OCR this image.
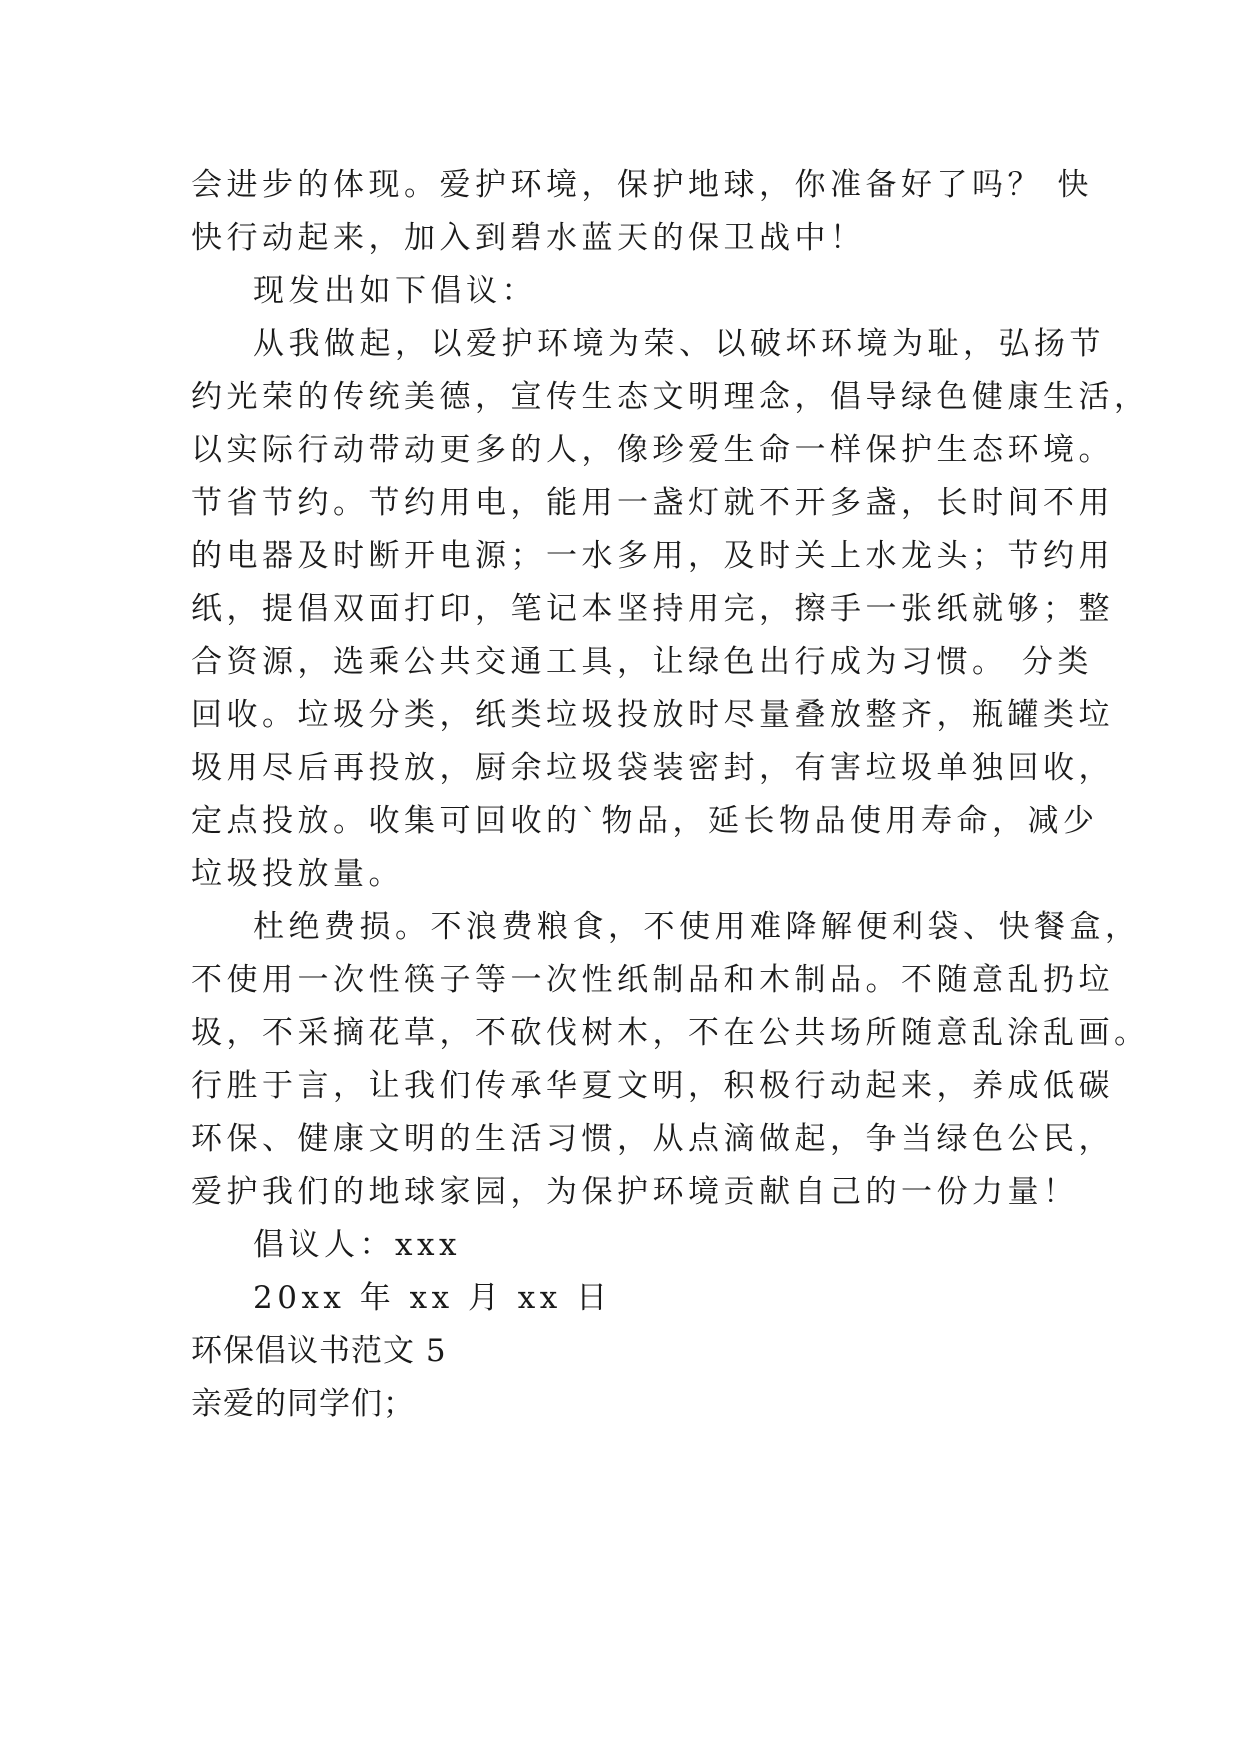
会进步的体现。爱护环境，保护地球，你准备好了吗？ 快
快行动起来，加入到碧水蓝天的保卫战中！
现发出如下倡议：
从我做起，以爱护环境为荣、以破坏环境为耻，弘扬节
约光荣的传统美德，宣传生态文明理念，倡导绿色健康生活，
以实际行动带动更多的人，像珍爱生命一样保护生态环境。
节省节约。节约用电，能用一盏灯就不开多盏，长时间不用
的电器及时断开电源；一水多用，及时关上水龙头；节约用
纸，提倡双面打印，笔记本坚持用完，擦手一张纸就够；整
合资源，选乘公共交通工具，让绿色出行成为习惯。 分类
回收。垃圾分类，纸类垃圾投放时尽量叠放整齐，瓶罐类垃
圾用尽后再投放，厨余垃圾袋装密封，有害垃圾单独回收，
定点投放。收集可回收的`物品，延长物品使用寿命，减少
垃圾投放量。
杜绝费损。不浪费粮食，不使用难降解便利袋、快餐盒，
不使用一次性筷子等一次性纸制品和木制品。不随意乱扔垃
圾，不采摘花草，不砍伐树木，不在公共场所随意乱涂乱画。
行胜于言，让我们传承华夏文明，积极行动起来，养成低碳
环保、健康文明的生活习惯，从点滴做起，争当绿色公民，
爱护我们的地球家园，为保护环境贡献自己的一份力量！
倡议人：xxx
20xx 年 xx 月 xx 日
环保倡议书范文 5
亲爱的同学们；
